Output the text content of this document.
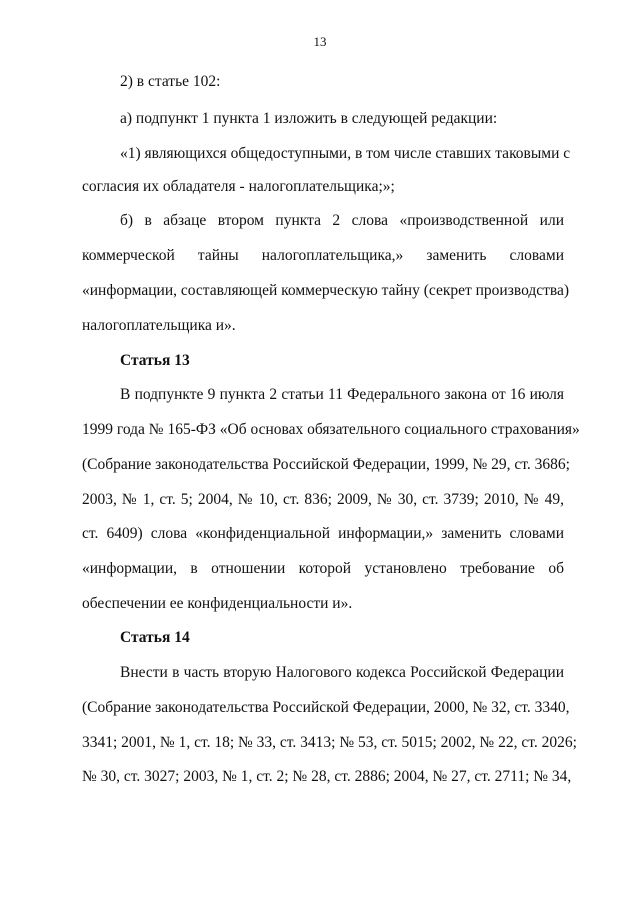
13
2) в статье 102:
а) подпункт 1 пункта 1 изложить в следующей редакции:
«1) являющихся общедоступными, в том числе ставших таковыми с
согласия их обладателя - налогоплательщика;»;
б) в абзаце втором пункта 2 слова «производственной или
коммерческой тайны налогоплательщика,» заменить словами
«информации, составляющей коммерческую тайну (секрет производства)
налогоплательщика и».
Статья 13
В подпункте 9 пункта 2 статьи 11 Федерального закона от 16 июля
1999 года № 165-ФЗ «Об основах обязательного социального страхования»
(Собрание законодательства Российской Федерации, 1999, № 29, ст. 3686;
2003, № 1, ст. 5; 2004, № 10, ст. 836; 2009, № 30, ст. 3739; 2010, № 49,
ст. 6409) слова «конфиденциальной информации,» заменить словами
«информации, в отношении которой установлено требование об
обеспечении ее конфиденциальности и».
Статья 14
Внести в часть вторую Налогового кодекса Российской Федерации
(Собрание законодательства Российской Федерации, 2000, № 32, ст. 3340,
3341; 2001, № 1, ст. 18; № 33, ст. 3413; № 53, ст. 5015; 2002, № 22, ст. 2026;
№ 30, ст. 3027; 2003, № 1, ст. 2; № 28, ст. 2886; 2004, № 27, ст. 2711; № 34,
